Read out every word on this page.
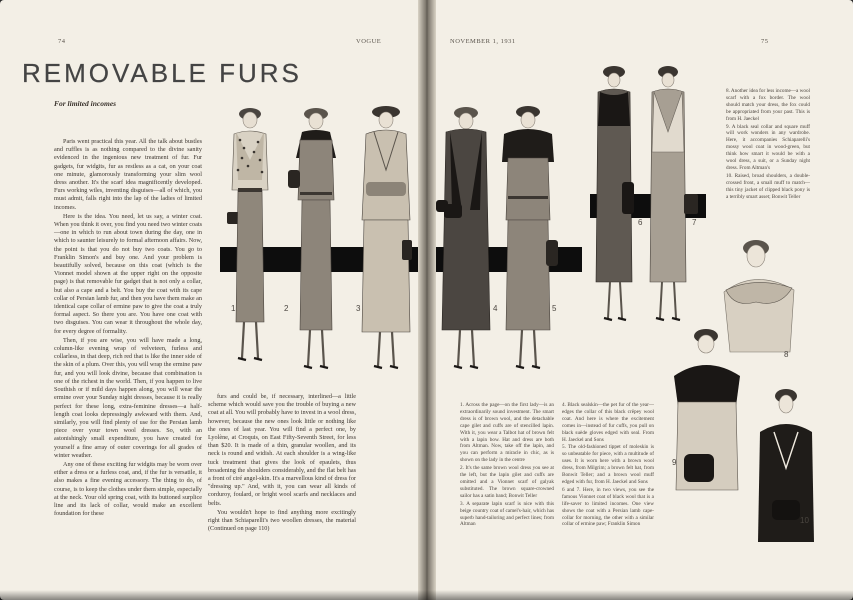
74
REMOVABLE FURS
For limited incomes

Paris went practical this year. All the talk about bustles and ruffles is as nothing compared to the divine sanity evidenced in the ingenious new treatment of fur. Fur gadgets, fur widgits, fur as restless as a cat, on your coat one minute, glamorously transforming your slim wool dress another. It's the scarf idea magnificently developed. Furs working wiles, inventing disguises—all of which, you must admit, falls right into the lap of the ladies of limited incomes.

Here is the idea. You need, let us say, a winter coat. When you think it over, you find you need two winter coats—one in which to run about town during the day, one in which to saunter leisurely to formal afternoon affairs. Now, the point is that you do not buy two coats. You go to Franklin Simon's and buy one. And your problem is beautifully solved, because on this coat (which is the Vionnet model shown at the upper right on the opposite page) is that removable fur gadget that is not only a collar, but also a cape and a belt. You buy the coat with its cape collar of Persian lamb fur, and then you have them make an identical cape collar of ermine paw to give the coat a truly formal aspect. So there you are. You have one coat with two disguises. You can wear it throughout the whole day, for every degree of formality.

Then, if you are wise, you will have made a long, column-like evening wrap of velveteen, furless and collarless, in that deep, rich red that is like the inner side of the skin of a plum. Over this, you will wrap the ermine paw fur, and you will look divine, because that combination is one of the richest in the world. Then, if you happen to live Southish or if mild days happen along, you will wear the ermine over your Sunday night dresses, because it is really perfect for these long, extra-feminine dresses—a half-length coat looks depressingly awkward with them. And, similarly, you will find plenty of use for the Persian lamb piece over your town wool dresses. So, with an astonishingly small expenditure, you have created for yourself a fine array of outer coverings for all grades of winter weather.

Any one of these exciting fur widgits may be worn over either a dress or a furless coat, and, if the fur is versatile, it also makes a fine evening accessory. The thing to do, of course, is to keep the clothes under them simple, especially at the neck. Your old spring coat, with its buttoned surplice line and its lack of collar, would make an excellent foundation for these

furs and could be, if necessary, interlined—a little scheme which would save you the trouble of buying a new coat at all. You will probably have to invest in a wool dress, however, because the new ones look little or nothing like the ones of last year. You will find a perfect one, by Lyolène, at Croquis, on East Fifty-Seventh Street, for less than $20. It is made of a thin, granular woollen, and its neck is round and widish. At each shoulder is a wing-like tuck treatment that gives the look of epaulets, thus broadening the shoulders considerably, and the flat belt has a front of ciré angel-skin. It's a marvellous kind of dress for "dressing up." And, with it, you can wear all kinds of corduroy, foulard, or bright wool scarfs and necklaces and belts.

You wouldn't hope to find anything more excitingly right than Schiaparelli's two woollen dresses, the material (Continued on page 110)

1	2	3
VOGUE	NOVEMBER 1, 1931	75
4	5
6	7
8
9
10

1. Across the page—on the first lady—is an extraordinarily sound investment. The smart dress is of brown wool, and the detachable cape gilet and cuffs are of stencilled lapin. With it, you wear a Talbot hat of brown felt with a lapin bow. Hat and dress are both from Altman. Now, take off the lapin, and you can perform a miracle in chic, as is shown on the lady in the centre

2. It's the same brown wool dress you see at the left, but the lapin gilet and cuffs are omitted and a Vionnet scarf of galyak substituted. The brown square-crowned sailor has a satin band; Bonwit Teller

3. A separate lapin scarf is nice with this beige country coat of camel's-hair, which has superb hand-tailoring and perfect lines; from Altman

4. Black sealskin—the pet fur of the year—edges the collar of this black crêpey wool coat. And here is where the excitement comes in—instead of fur cuffs, you pull on black suède gloves edged with seal. From H. Jaeckel and Sons

5. The old-fashioned tippet of moleskin is so unbeatable for piece, with a multitude of uses. It is worn here with a brown wool dress, from Milgrim; a brown felt hat, from Bonwit Teller; and a brown wool muff edged with fur, from H. Jaeckel and Sons

6 and 7. Here, in two views, you see the famous Vionnet coat of black wool that is a life-saver to limited incomes. One view shows the coat with a Persian lamb cape-collar for morning, the other with a similar collar of ermine paw; Franklin Simon

8. Another idea for less income—a wool scarf with a fox border. The wool should match your dress, the fox could be appropriated from your past. This is from H. Jaeckel

9. A black seal collar and square muff will work wonders in any wardrobe. Here, it accompanies Schiaparelli's mossy wool coat in wood-green, but think how smart it would be with a wool dress, a suit, or a Sunday night dress. From Altman's

10. Raised, broad shoulders, a double-crossed front, a small muff to match—this tiny jacket of clipped black pony is a terribly smart asset; Bonwit Teller
